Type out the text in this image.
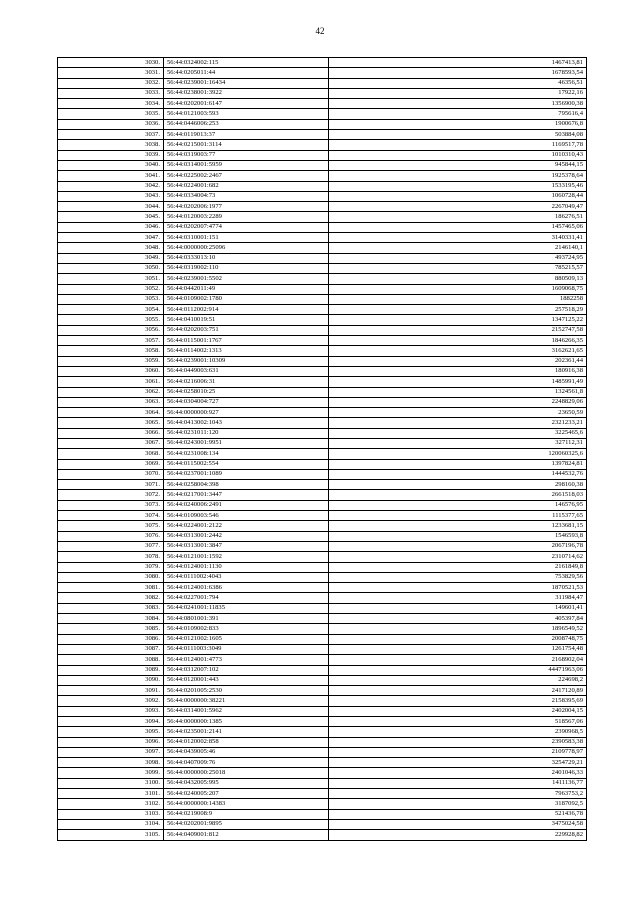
42
3030.	56:44:0324002:115	1467413,81
3031.	56:44:0205011:44	1678593,54
3032.	56:44:0239001:16434	46356,51
3033.	56:44:0238001:3922	17922,16
3034.	56:44:0202001:6147	1356900,38
3035.	56:44:0121003:593	795616,4
3036.	56:44:0446006:253	1900676,8
3037.	56:44:0119013:37	503884,08
3038.	56:44:0215001:3114	1169517,78
3039.	56:44:0319003:77	1010310,43
3040.	56:44:0314001:5959	945844,15
3041.	56:44:0225002:2467	1925378,64
3042.	56:44:0224001:682	1533195,46
3043.	56:44:0334004:73	1060728,44
3044.	56:44:0202006:1977	2267049,47
3045.	56:44:0120003:2289	186276,51
3046.	56:44:0202007:4774	1457465,06
3047.	56:44:0310001:151	3140331,41
3048.	56:44:0000000:25096	2146140,1
3049.	56:44:0333013:10	493724,95
3050.	56:44:0319002:110	785215,57
3051.	56:44:0239001:5502	880509,13
3052.	56:44:0442011:49	1609068,75
3053.	56:44:0109002:1780	1882258
3054.	56:44:0112002:914	257518,29
3055.	56:44:0410019:51	1347125,22
3056.	56:44:0202003:751	2152747,58
3057.	56:44:0115001:1767	1846266,35
3058.	56:44:0114002:1313	3162621,65
3059.	56:44:0239001:10309	202361,44
3060.	56:44:0449003:631	180916,38
3061.	56:44:0216006:31	1485991,49
3062.	56:44:0258010:25	1324561,8
3063.	56:44:0304004:727	2248829,06
3064.	56:44:0000000:927	23650,59
3065.	56:44:0413002:1043	2321233,21
3066.	56:44:0231011:120	3225465,6
3067.	56:44:0243001:9951	327112,31
3068.	56:44:0231008:134	120060325,6
3069.	56:44:0115002:554	1397824,81
3070.	56:44:0237001:1089	1444532,76
3071.	56:44:0258004:398	298160,38
3072.	56:44:0217001:3447	2661518,03
3073.	56:44:0240006:2491	146576,95
3074.	56:44:0109003:546	1115377,65
3075.	56:44:0224001:2122	1233681,15
3076.	56:44:0313001:2442	1546593,8
3077.	56:44:0313001:3847	2067196,78
3078.	56:44:0121001:1592	2310714,62
3079.	56:44:0124001:1130	2161849,8
3080.	56:44:0111002:4043	753829,56
3081.	56:44:0124001:6386	1870521,53
3082.	56:44:0227001:794	311984,47
3083.	56:44:0241001:11835	149601,41
3084.	56:44:0801001:391	405397,84
3085.	56:44:0109002:833	1896549,52
3086.	56:44:0121002:1605	2008748,75
3087.	56:44:0111003:3049	1261754,48
3088.	56:44:0124001:4773	2168902,04
3089.	56:44:0312007:102	44471963,06
3090.	56:44:0120001:443	224698,2
3091.	56:44:0201005:2530	2417120,89
3092.	56:44:0000000:38221	2158395,69
3093.	56:44:0314001:5962	2402004,15
3094.	56:44:0000000:1385	518567,06
3095.	56:44:0235001:2141	2390968,5
3096.	56:44:0120002:858	2390583,38
3097.	56:44:0439005:46	2109778,97
3098.	56:44:0407009:76	3254729,21
3099.	56:44:0000000:25018	2401046,33
3100.	56:44:0432005:995	1411136,77
3101.	56:44:0240005:207	7963753,2
3102.	56:44:0000000:14383	3187092,5
3103.	56:44:0219008:9	521436,78
3104.	56:44:0202001:9895	3475024,58
3105.	56:44:0409001:812	229928,82
